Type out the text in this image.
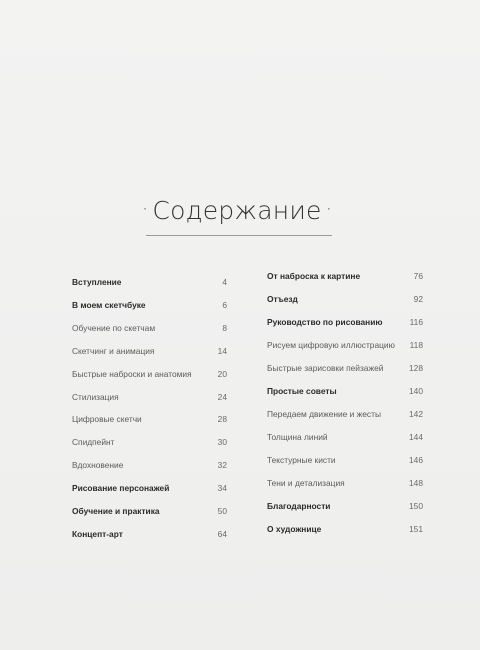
· Содержание ·
Вступление	4
В моем скетчбуке	6
Обучение по скетчам	8
Скетчинг и анимация	14
Быстрые наброски и анатомия	20
Стилизация	24
Цифровые скетчи	28
Спидпейнт	30
Вдохновение	32
Рисование персонажей	34
Обучение и практика	50
Концепт-арт	64
От наброска к картине	76
Отъезд	92
Руководство по рисованию	116
Рисуем цифровую иллюстрацию	118
Быстрые зарисовки пейзажей	128
Простые советы	140
Передаем движение и жесты	142
Толщина линий	144
Текстурные кисти	146
Тени и детализация	148
Благодарности	150
О художнице	151
